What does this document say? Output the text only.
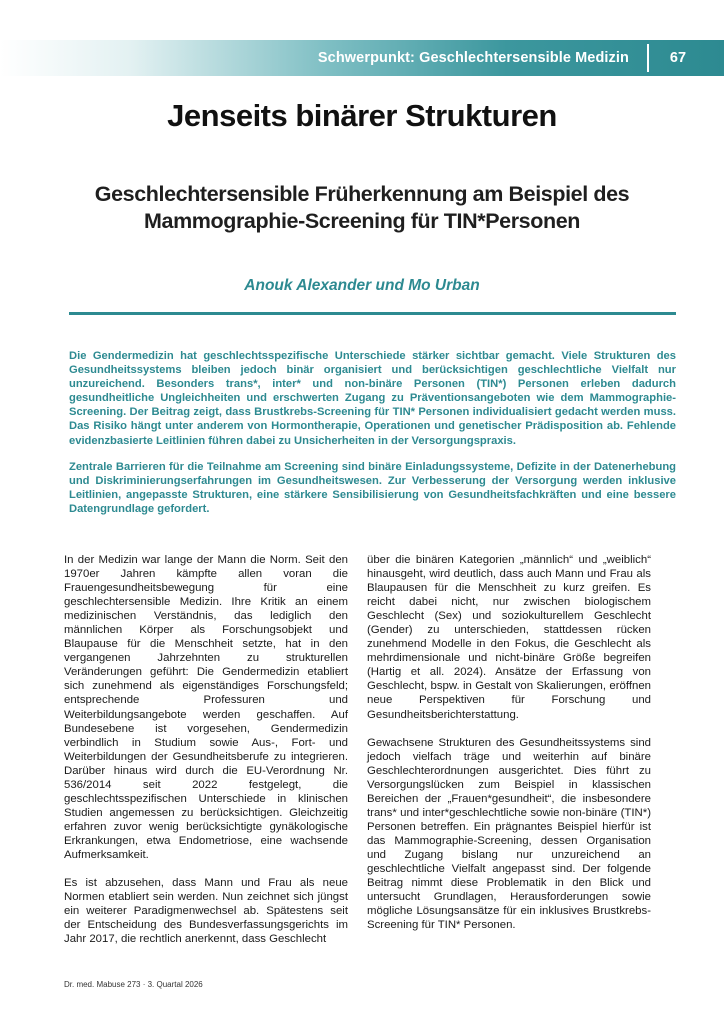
Schwerpunkt: Geschlechtersensible Medizin	67
Jenseits binärer Strukturen
Geschlechtersensible Früherkennung am Beispiel des
Mammographie-Screening für TIN*Personen

Anouk Alexander und Mo Urban

Die Gendermedizin hat geschlechtsspezifische Unterschiede stärker sichtbar gemacht. Viele Strukturen des Gesundheitssystems bleiben jedoch binär organisiert und berücksichtigen geschlechtliche Vielfalt nur unzureichend. Besonders trans*, inter* und non-binäre Personen (TIN*) Personen erleben dadurch gesundheitliche Ungleichheiten und erschwerten Zugang zu Präventionsangeboten wie dem Mammographie-Screening. Der Beitrag zeigt, dass Brustkrebs-Screening für TIN* Personen individualisiert gedacht werden muss. Das Risiko hängt unter anderem von Hormontherapie, Operationen und genetischer Prädisposition ab. Fehlende evidenzbasierte Leitlinien führen dabei zu Unsicherheiten in der Versorgungspraxis.

Zentrale Barrieren für die Teilnahme am Screening sind binäre Einladungssysteme, Defizite in der Datenerhebung und Diskriminierungserfahrungen im Gesundheitswesen. Zur Verbesserung der Versorgung werden inklusive Leitlinien, angepasste Strukturen, eine stärkere Sensibilisierung von Gesundheitsfachkräften und eine bessere Datengrundlage gefordert.

In der Medizin war lange der Mann die Norm. Seit den 1970er Jahren kämpfte allen voran die Frauengesundheitsbewegung für eine geschlechtersensible Medizin. Ihre Kritik an einem medizinischen Verständnis, das lediglich den männlichen Körper als Forschungsobjekt und Blaupause für die Menschheit setzte, hat in den vergangenen Jahrzehnten zu strukturellen Veränderungen geführt: Die Gendermedizin etabliert sich zunehmend als eigenständiges Forschungsfeld; entsprechende Professuren und Weiterbildungsangebote werden geschaffen. Auf Bundesebene ist vorgesehen, Gendermedizin verbindlich in Studium sowie Aus-, Fort- und Weiterbildungen der Gesundheitsberufe zu integrieren. Darüber hinaus wird durch die EU-Verordnung Nr. 536/2014 seit 2022 festgelegt, die geschlechtsspezifischen Unterschiede in klinischen Studien angemessen zu berücksichtigen. Gleichzeitig erfahren zuvor wenig berücksichtigte gynäkologische Erkrankungen, etwa Endometriose, eine wachsende Aufmerksamkeit.

Es ist abzusehen, dass Mann und Frau als neue Normen etabliert sein werden. Nun zeichnet sich jüngst ein weiterer Paradigmenwechsel ab. Spätestens seit der Entscheidung des Bundesverfassungsgerichts im Jahr 2017, die rechtlich anerkennt, dass Geschlecht

über die binären Kategorien „männlich“ und „weiblich“ hinausgeht, wird deutlich, dass auch Mann und Frau als Blaupausen für die Menschheit zu kurz greifen. Es reicht dabei nicht, nur zwischen biologischem Geschlecht (Sex) und soziokulturellem Geschlecht (Gender) zu unterschieden, stattdessen rücken zunehmend Modelle in den Fokus, die Geschlecht als mehrdimensionale und nicht-binäre Größe begreifen (Hartig et all. 2024). Ansätze der Erfassung von Geschlecht, bspw. in Gestalt von Skalierungen, eröffnen neue Perspektiven für Forschung und Gesundheitsberichterstattung.

Gewachsene Strukturen des Gesundheitssystems sind jedoch vielfach träge und weiterhin auf binäre Geschlechterordnungen ausgerichtet. Dies führt zu Versorgungslücken zum Beispiel in klassischen Bereichen der „Frauen*gesundheit“, die insbesondere trans* und inter*geschlechtliche sowie non-binäre (TIN*) Personen betreffen. Ein prägnantes Beispiel hierfür ist das Mammographie-Screening, dessen Organisation und Zugang bislang nur unzureichend an geschlechtliche Vielfalt angepasst sind. Der folgende Beitrag nimmt diese Problematik in den Blick und untersucht Grundlagen, Herausforderungen sowie mögliche Lösungsansätze für ein inklusives Brustkrebs-Screening für TIN* Personen.

Dr. med. Mabuse 273 · 3. Quartal 2026
